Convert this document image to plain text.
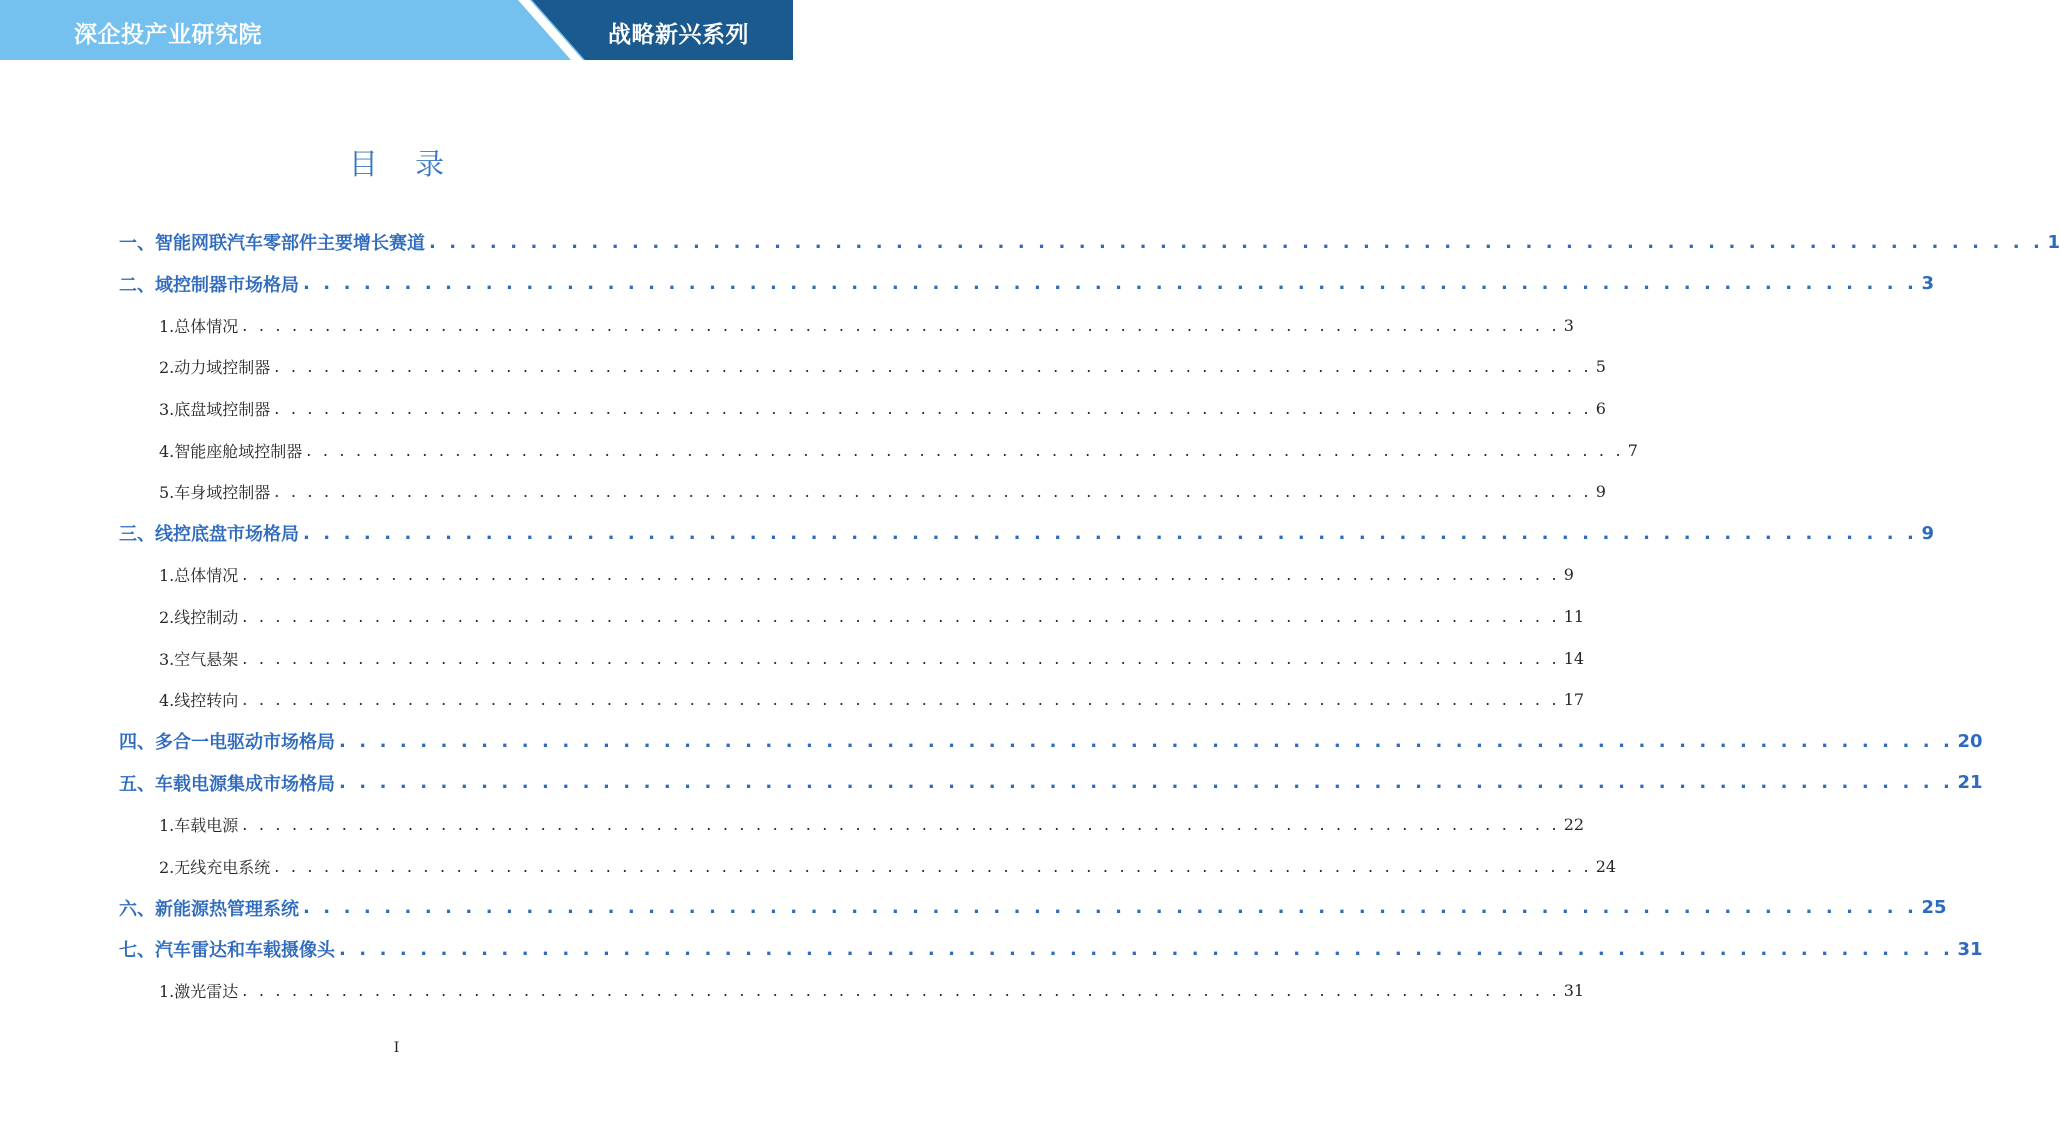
深企投产业研究院	战略新兴系列
目 录
一、智能网联汽车零部件主要增长赛道 . . . . . . . . . . . . . . . . . . . . . . . . . . . . . . . . . . . . . . . . . . . . . . . . . . . . . . . . . . . . . . . . . . . . . . . . . . . . . . . . 1
二、域控制器市场格局 . . . . . . . . . . . . . . . . . . . . . . . . . . . . . . . . . . . . . . . . . . . . . . . . . . . . . . . . . . . . . . . . . . . . . . . . . . . . . . . . 3
1.总体情况 . . . . . . . . . . . . . . . . . . . . . . . . . . . . . . . . . . . . . . . . . . . . . . . . . . . . . . . . . . . . . . . . . . . . . . . . . . . . . . . . 3
2.动力域控制器 . . . . . . . . . . . . . . . . . . . . . . . . . . . . . . . . . . . . . . . . . . . . . . . . . . . . . . . . . . . . . . . . . . . . . . . . . . . . . . . . 5
3.底盘域控制器 . . . . . . . . . . . . . . . . . . . . . . . . . . . . . . . . . . . . . . . . . . . . . . . . . . . . . . . . . . . . . . . . . . . . . . . . . . . . . . . . 6
4.智能座舱域控制器 . . . . . . . . . . . . . . . . . . . . . . . . . . . . . . . . . . . . . . . . . . . . . . . . . . . . . . . . . . . . . . . . . . . . . . . . . . . . . . . . 7
5.车身域控制器 . . . . . . . . . . . . . . . . . . . . . . . . . . . . . . . . . . . . . . . . . . . . . . . . . . . . . . . . . . . . . . . . . . . . . . . . . . . . . . . . 9
三、线控底盘市场格局 . . . . . . . . . . . . . . . . . . . . . . . . . . . . . . . . . . . . . . . . . . . . . . . . . . . . . . . . . . . . . . . . . . . . . . . . . . . . . . . . 9
1.总体情况 . . . . . . . . . . . . . . . . . . . . . . . . . . . . . . . . . . . . . . . . . . . . . . . . . . . . . . . . . . . . . . . . . . . . . . . . . . . . . . . . 9
2.线控制动 . . . . . . . . . . . . . . . . . . . . . . . . . . . . . . . . . . . . . . . . . . . . . . . . . . . . . . . . . . . . . . . . . . . . . . . . . . . . . . . . 11
3.空气悬架 . . . . . . . . . . . . . . . . . . . . . . . . . . . . . . . . . . . . . . . . . . . . . . . . . . . . . . . . . . . . . . . . . . . . . . . . . . . . . . . . 14
4.线控转向 . . . . . . . . . . . . . . . . . . . . . . . . . . . . . . . . . . . . . . . . . . . . . . . . . . . . . . . . . . . . . . . . . . . . . . . . . . . . . . . . 17
四、多合一电驱动市场格局 . . . . . . . . . . . . . . . . . . . . . . . . . . . . . . . . . . . . . . . . . . . . . . . . . . . . . . . . . . . . . . . . . . . . . . . . . . . . . . . . 20
五、车载电源集成市场格局 . . . . . . . . . . . . . . . . . . . . . . . . . . . . . . . . . . . . . . . . . . . . . . . . . . . . . . . . . . . . . . . . . . . . . . . . . . . . . . . . 21
1.车载电源 . . . . . . . . . . . . . . . . . . . . . . . . . . . . . . . . . . . . . . . . . . . . . . . . . . . . . . . . . . . . . . . . . . . . . . . . . . . . . . . . 22
2.无线充电系统 . . . . . . . . . . . . . . . . . . . . . . . . . . . . . . . . . . . . . . . . . . . . . . . . . . . . . . . . . . . . . . . . . . . . . . . . . . . . . . . . 24
六、新能源热管理系统 . . . . . . . . . . . . . . . . . . . . . . . . . . . . . . . . . . . . . . . . . . . . . . . . . . . . . . . . . . . . . . . . . . . . . . . . . . . . . . . . 25
七、汽车雷达和车载摄像头 . . . . . . . . . . . . . . . . . . . . . . . . . . . . . . . . . . . . . . . . . . . . . . . . . . . . . . . . . . . . . . . . . . . . . . . . . . . . . . . . 31
1.激光雷达 . . . . . . . . . . . . . . . . . . . . . . . . . . . . . . . . . . . . . . . . . . . . . . . . . . . . . . . . . . . . . . . . . . . . . . . . . . . . . . . . 31
I
